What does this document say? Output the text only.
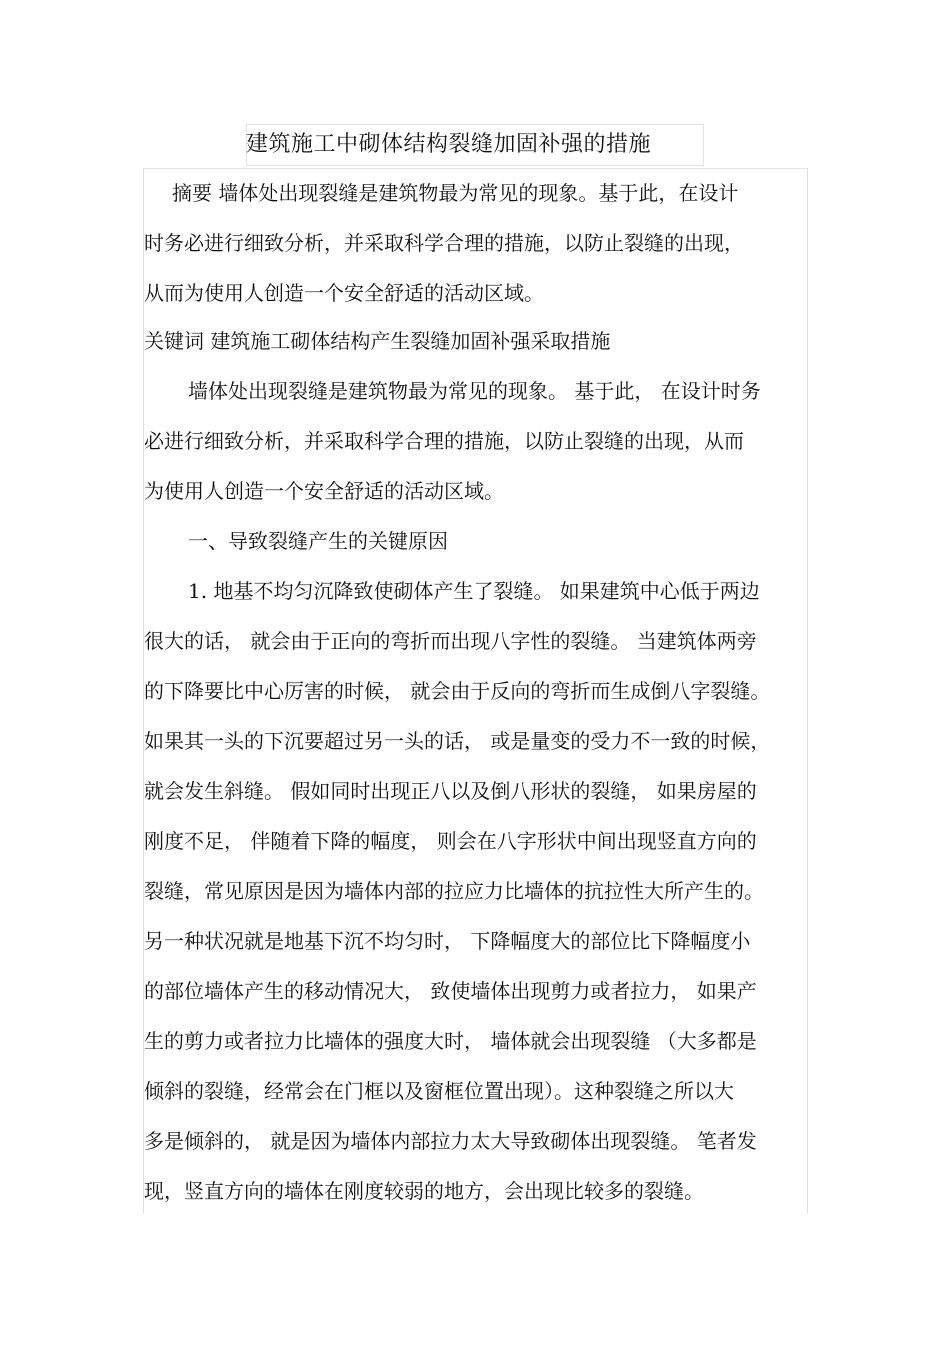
建筑施工中砌体结构裂缝加固补强的措施
摘要 墙体处出现裂缝是建筑物最为常见的现象。基于此，在设计
时务必进行细致分析，并采取科学合理的措施，以防止裂缝的出现，
从而为使用人创造一个安全舒适的活动区域。
关键词 建筑施工砌体结构产生裂缝加固补强采取措施
墙体处出现裂缝是建筑物最为常见的现象。 基于此， 在设计时务
必进行细致分析，并采取科学合理的措施，以防止裂缝的出现，从而
为使用人创造一个安全舒适的活动区域。
一、导致裂缝产生的关键原因
1. 地基不均匀沉降致使砌体产生了裂缝。 如果建筑中心低于两边
很大的话， 就会由于正向的弯折而出现八字性的裂缝。 当建筑体两旁
的下降要比中心厉害的时候， 就会由于反向的弯折而生成倒八字裂缝。
如果其一头的下沉要超过另一头的话， 或是量变的受力不一致的时候，
就会发生斜缝。 假如同时出现正八以及倒八形状的裂缝， 如果房屋的
刚度不足， 伴随着下降的幅度， 则会在八字形状中间出现竖直方向的
裂缝，常见原因是因为墙体内部的拉应力比墙体的抗拉性大所产生的。
另一种状况就是地基下沉不均匀时， 下降幅度大的部位比下降幅度小
的部位墙体产生的移动情况大， 致使墙体出现剪力或者拉力， 如果产
生的剪力或者拉力比墙体的强度大时， 墙体就会出现裂缝 （大多都是
倾斜的裂缝，经常会在门框以及窗框位置出现）。这种裂缝之所以大
多是倾斜的， 就是因为墙体内部拉力太大导致砌体出现裂缝。 笔者发
现，竖直方向的墙体在刚度较弱的地方，会出现比较多的裂缝。
